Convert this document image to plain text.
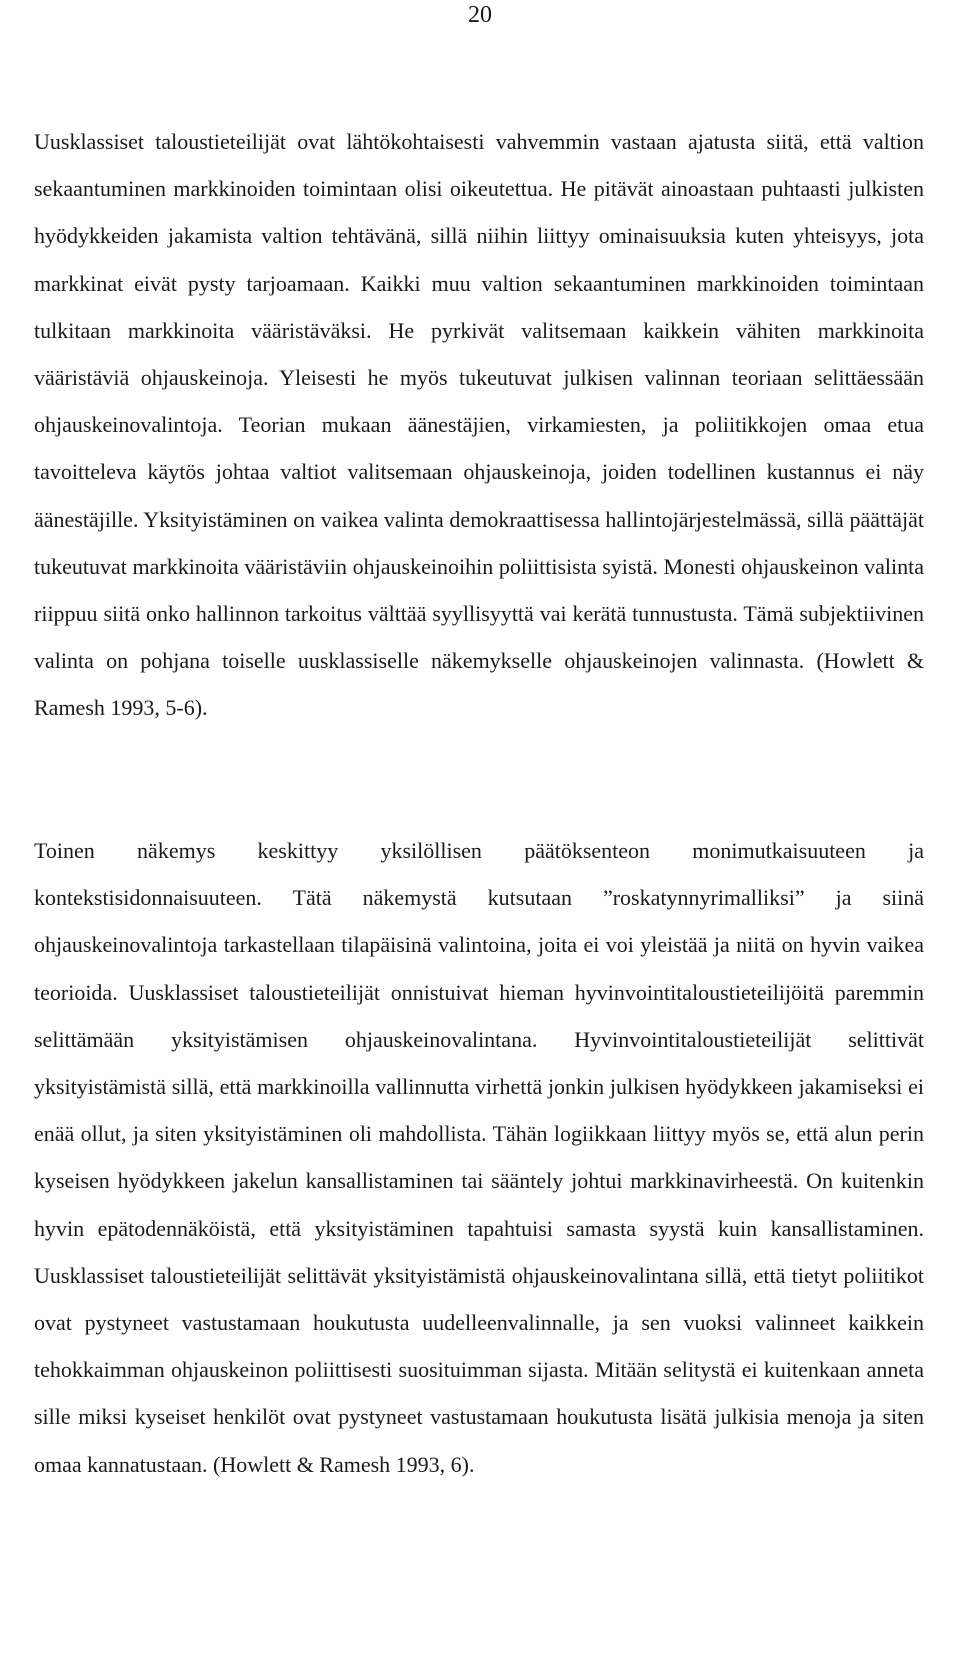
20

Uusklassiset taloustieteilijät ovat lähtökohtaisesti vahvemmin vastaan ajatusta siitä, että valtion sekaantuminen markkinoiden toimintaan olisi oikeutettua. He pitävät ainoastaan puhtaasti julkisten hyödykkeiden jakamista valtion tehtävänä, sillä niihin liittyy ominaisuuksia kuten yhteisyys, jota markkinat eivät pysty tarjoamaan. Kaikki muu valtion sekaantuminen markkinoiden toimintaan tulkitaan markkinoita vääristäväksi. He pyrkivät valitsemaan kaikkein vähiten markkinoita vääristäviä ohjauskeinoja. Yleisesti he myös tukeutuvat julkisen valinnan teoriaan selittäessään ohjauskeinovalintoja. Teorian mukaan äänestäjien, virkamiesten, ja poliitikkojen omaa etua tavoitteleva käytös johtaa valtiot valitsemaan ohjauskeinoja, joiden todellinen kustannus ei näy äänestäjille. Yksityistäminen on vaikea valinta demokraattisessa hallintojärjestelmässä, sillä päättäjät tukeutuvat markkinoita vääristäviin ohjauskeinoihin poliittisista syistä. Monesti ohjauskeinon valinta riippuu siitä onko hallinnon tarkoitus välttää syyllisyyttä vai kerätä tunnustusta. Tämä subjektiivinen valinta on pohjana toiselle uusklassiselle näkemykselle ohjauskeinojen valinnasta. (Howlett & Ramesh 1993, 5-6).

Toinen näkemys keskittyy yksilöllisen päätöksenteon monimutkaisuuteen ja kontekstisidonnaisuuteen. Tätä näkemystä kutsutaan ”roskatynnyrimalliksi” ja siinä ohjauskeinovalintoja tarkastellaan tilapäisinä valintoina, joita ei voi yleistää ja niitä on hyvin vaikea teorioida. Uusklassiset taloustieteilijät onnistuivat hieman hyvinvointitaloustieteilijöitä paremmin selittämään yksityistämisen ohjauskeinovalintana. Hyvinvointitaloustieteilijät selittivät yksityistämistä sillä, että markkinoilla vallinnutta virhettä jonkin julkisen hyödykkeen jakamiseksi ei enää ollut, ja siten yksityistäminen oli mahdollista. Tähän logiikkaan liittyy myös se, että alun perin kyseisen hyödykkeen jakelun kansallistaminen tai sääntely johtui markkinavirheestä. On kuitenkin hyvin epätodennäköistä, että yksityistäminen tapahtuisi samasta syystä kuin kansallistaminen. Uusklassiset taloustieteilijät selittävät yksityistämistä ohjauskeinovalintana sillä, että tietyt poliitikot ovat pystyneet vastustamaan houkutusta uudelleenvalinnalle, ja sen vuoksi valinneet kaikkein tehokkaimman ohjauskeinon poliittisesti suosituimman sijasta. Mitään selitystä ei kuitenkaan anneta sille miksi kyseiset henkilöt ovat pystyneet vastustamaan houkutusta lisätä julkisia menoja ja siten omaa kannatustaan. (Howlett & Ramesh 1993, 6).
